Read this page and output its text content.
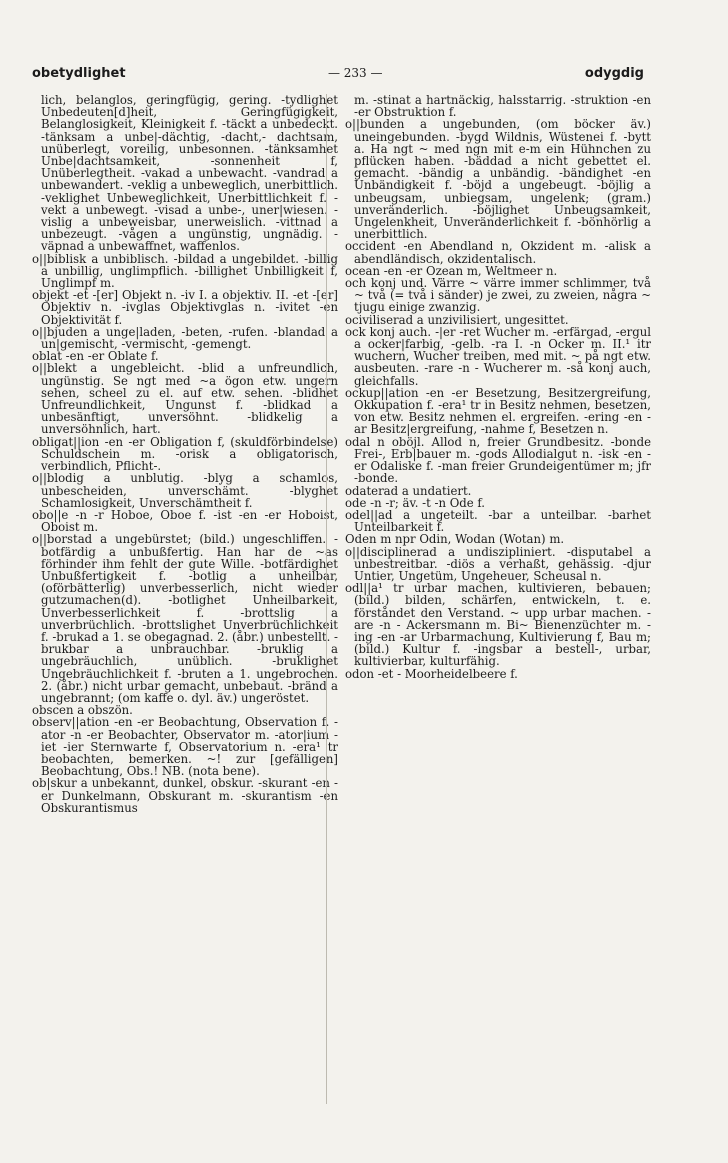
obetydlighet	— 233 —	odygdig

lich, belanglos, geringfügig, gering. -tydlighet Unbedeuten[d]heit, Geringfügigkeit, Belanglosigkeit, Kleinigkeit f. -täckt a unbedeckt. -tänksam a unbe|-dächtig, -dacht,- dachtsam, unüberlegt, voreilig, unbesonnen. -tänksamhet Unbe|dachtsamkeit, -sonnenheit f, Unüberlegtheit. -vakad a unbewacht. -vandrad a unbewandert. -veklig a unbeweglich, unerbittlich. -veklighet Unbeweglichkeit, Unerbittlichkeit f. -vekt a unbewegt. -visad a unbe-, uner|wiesen. -vislig a unbeweisbar, unerweislich. -vittnad a unbezeugt. -vågen a ungünstig, ungnädig. -väpnad a unbewaffnet, waffenlos.

o||biblisk a unbiblisch. -bildad a ungebildet. -billig a unbillig, unglimpflich. -billighet Unbilligkeit f, Unglimpf m.

objekt -et -[er] Objekt n. -iv I. a objektiv. II. -et -[er] Objektiv n. -ivglas Objektivglas n. -ivitet -en Objektivität f.

o||bjuden a unge|laden, -beten, -rufen. -blandad a un|gemischt, -vermischt, -gemengt.

oblat -en -er Oblate f.

o||blekt a ungebleicht. -blid a unfreundlich, ungünstig. Se ngt med ~a ögon etw. ungern sehen, scheel zu el. auf etw. sehen. -blidhet Unfreundlichkeit, Ungunst f. -blidkad a unbesänftigt, unversöhnt. -blidkelig a unversöhnlich, hart.

obligat||ion -en -er Obligation f, (skuldförbindelse) Schuldschein m. -orisk a obligatorisch, verbindlich, Pflicht-.

o||blodig a unblutig. -blyg a schamlos, unbescheiden, unverschämt. -blyghet Schamlosigkeit, Unverschämtheit f.

obo||e -n -r Hoboe, Oboe f. -ist -en -er Hoboist, Oboist m.

o||borstad a ungebürstet; (bild.) ungeschliffen. -botfärdig a unbußfertig. Han har de ~as förhinder ihm fehlt der gute Wille. -botfärdighet Unbußfertigkeit f. -botlig a unheilbar, (oförbätterlig) unverbesserlich, nicht wieder gutzumachen(d). -botlighet Unheilbarkeit, Unverbesserlichkeit f. -brottslig a unverbrüchlich. -brottslighet Unverbrüchlichkeit f. -brukad a 1. se obegagnad. 2. (åbr.) unbestellt. -brukbar a unbrauchbar. -bruklig a ungebräuchlich, unüblich. -bruklighet Ungebräuchlichkeit f. -bruten a 1. ungebrochen. 2. (åbr.) nicht urbar gemacht, unbebaut. -bränd a ungebrannt; (om kaffe o. dyl. äv.) ungeröstet.

obscen a obszön.

observ||ation -en -er Beobachtung, Observation f. -ator -n -er Beobachter, Observator m. -ator|ium -iet -ier Sternwarte f, Observatorium n. -era¹ tr beobachten, bemerken. ~! zur [gefälligen] Beobachtung, Obs.! NB. (nota bene).

ob|skur a unbekannt, dunkel, obskur. -skurant -en -er Dunkelmann, Obskurant m. -skurantism -en Obskurantismus

m. -stinat a hartnäckig, halsstarrig. -struktion -en -er Obstruktion f.

o||bunden a ungebunden, (om böcker äv.) uneingebunden. -bygd Wildnis, Wüstenei f. -bytt a. Ha ngt ~ med ngn mit e-m ein Hühnchen zu pflücken haben. -bäddad a nicht gebettet el. gemacht. -bändig a unbändig. -bändighet -en Unbändigkeit f. -böjd a ungebeugt. -böjlig a unbeugsam, unbiegsam, ungelenk; (gram.) unveränderlich. -böjlighet Unbeugsamkeit, Ungelenkheit, Unveränderlichkeit f. -bönhörlig a unerbittlich.

occident -en Abendland n, Okzident m. -alisk a abendländisch, okzidentalisch.

ocean -en -er Ozean m, Weltmeer n.

och konj und. Värre ~ värre immer schlimmer, två ~ två (= två i sänder) je zwei, zu zweien, några ~ tjugu einige zwanzig.

ociviliserad a unzivilisiert, ungesittet.

ock konj auch. -|er -ret Wucher m. -erfärgad, -ergul a ocker|farbig, -gelb. -ra I. -n Ocker m. II.¹ itr wuchern, Wucher treiben, med mit. ~ på ngt etw. ausbeuten. -rare -n - Wucherer m. -så konj auch, gleichfalls.

ockup||ation -en -er Besetzung, Besitzergreifung, Okkupation f. -era¹ tr in Besitz nehmen, besetzen, von etw. Besitz nehmen el. ergreifen. -ering -en -ar Besitz|ergreifung, -nahme f, Besetzen n.

odal n oböjl. Allod n, freier Grundbesitz. -bonde Frei-, Erb|bauer m. -gods Allodialgut n. -isk -en -er Odaliske f. -man freier Grundeigentümer m; jfr -bonde.

odaterad a undatiert.

ode -n -r; äv. -t -n Ode f.

odel||ad a ungeteilt. -bar a unteilbar. -barhet Unteilbarkeit f.

Oden m npr Odin, Wodan (Wotan) m.

o||disciplinerad a undiszipliniert. -disputabel a unbestreitbar. -diös a verhaßt, gehässig. -djur Untier, Ungetüm, Ungeheuer, Scheusal n.

odl||a¹ tr urbar machen, kultivieren, bebauen; (bild.) bilden, schärfen, entwickeln, t. e. förståndet den Verstand. ~ upp urbar machen. -are -n - Ackersmann m. Bi~ Bienenzüchter m. -ing -en -ar Urbarmachung, Kultivierung f, Bau m; (bild.) Kultur f. -ingsbar a bestell-, urbar, kultivierbar, kulturfähig.

odon -et - Moorheidelbeere f.
